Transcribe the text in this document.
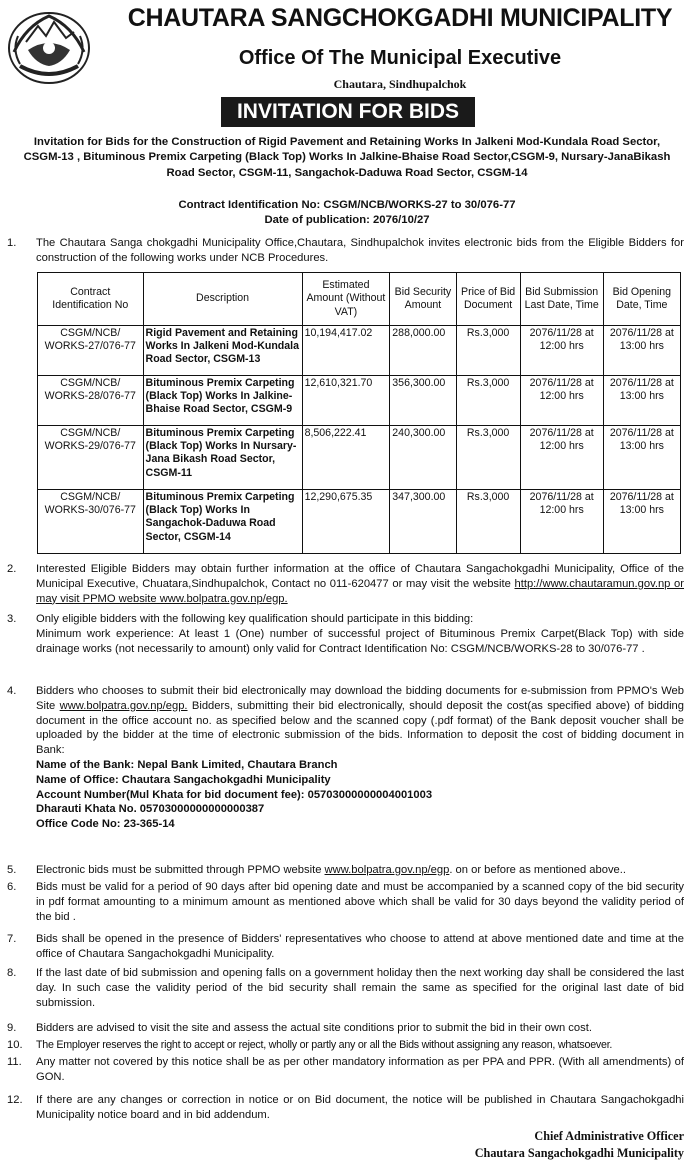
CHAUTARA SANGCHOKGADHI MUNICIPALITY
Office Of The Municipal Executive
Chautara, Sindhupalchok
INVITATION FOR BIDS
Invitation for Bids for the Construction of Rigid Pavement and Retaining Works In Jalkeni Mod-Kundala Road Sector, CSGM-13 , Bituminous Premix Carpeting (Black Top) Works In Jalkine-Bhaise Road Sector,CSGM-9, Nursary-JanaBikash Road Sector, CSGM-11, Sangachok-Daduwa Road Sector, CSGM-14
Contract Identification No: CSGM/NCB/WORKS-27 to 30/076-77
Date of publication: 2076/10/27
1. The Chautara Sanga chokgadhi Municipality Office,Chautara, Sindhupalchok invites electronic bids from the Eligible Bidders for construction of the following works under NCB Procedures.
Contract Identification No	Description	Estimated Amount (Without VAT)	Bid Security Amount	Price of Bid Document	Bid Submission Last Date, Time	Bid Opening Date, Time
CSGM/NCB/ WORKS-27/076-77	Rigid Pavement and Retaining Works In Jalkeni Mod-Kundala Road Sector, CSGM-13	10,194,417.02	288,000.00	Rs.3,000	2076/11/28 at 12:00 hrs	2076/11/28 at 13:00 hrs
CSGM/NCB/ WORKS-28/076-77	Bituminous Premix Carpeting (Black Top) Works In Jalkine-Bhaise Road Sector, CSGM-9	12,610,321.70	356,300.00	Rs.3,000	2076/11/28 at 12:00 hrs	2076/11/28 at 13:00 hrs
CSGM/NCB/ WORKS-29/076-77	Bituminous Premix Carpeting (Black Top) Works In Nursary-Jana Bikash Road Sector, CSGM-11	8,506,222.41	240,300.00	Rs.3,000	2076/11/28 at 12:00 hrs	2076/11/28 at 13:00 hrs
CSGM/NCB/ WORKS-30/076-77	Bituminous Premix Carpeting (Black Top) Works In Sangachok-Daduwa Road Sector, CSGM-14	12,290,675.35	347,300.00	Rs.3,000	2076/11/28 at 12:00 hrs	2076/11/28 at 13:00 hrs
2. Interested Eligible Bidders may obtain further information at the office of Chautara Sangachokgadhi Municipality, Office of the Municipal Executive, Chuatara,Sindhupalchok, Contact no 011-620477 or may visit the website http://www.chautaramun.gov.np or may visit PPMO website www.bolpatra.gov.np/egp.
3. Only eligible bidders with the following key qualification should participate in this bidding:
Minimum work experience: At least 1 (One) number of successful project of Bituminous Premix Carpet(Black Top) with side drainage works (not necessarily to amount) only valid for Contract Identification No: CSGM/NCB/WORKS-28 to 30/076-77 .
4. Bidders who chooses to submit their bid electronically may download the bidding documents for e-submission from PPMO's Web Site www.bolpatra.gov.np/egp. Bidders, submitting their bid electronically, should deposit the cost(as specified above) of bidding document in the office account no. as specified below and the scanned copy (.pdf format) of the Bank deposit voucher shall be uploaded by the bidder at the time of electronic submission of the bids. Information to deposit the cost of bidding document in Bank:
Name of the Bank: Nepal Bank Limited, Chautara Branch
Name of Office: Chautara Sangachokgadhi Municipality
Account Number(Mul Khata for bid document fee): 05703000000004001003
Dharauti Khata No. 05703000000000000387
Office Code No: 23-365-14
5. Electronic bids must be submitted through PPMO website www.bolpatra.gov.np/egp. on or before as mentioned above..
6. Bids must be valid for a period of 90 days after bid opening date and must be accompanied by a scanned copy of the bid security in pdf format amounting to a minimum amount as mentioned above which shall be valid for 30 days beyond the validity period of the bid .
7. Bids shall be opened in the presence of Bidders' representatives who choose to attend at above mentioned date and time at the office of Chautara Sangachokgadhi Municipality.
8. If the last date of bid submission and opening falls on a government holiday then the next working day shall be considered the last day. In such case the validity period of the bid security shall remain the same as specified for the original last date of bid submission.
9. Bidders are advised to visit the site and assess the actual site conditions prior to submit the bid in their own cost.
10. The Employer reserves the right to accept or reject, wholly or partly any or all the Bids without assigning any reason, whatsoever.
11. Any matter not covered by this notice shall be as per other mandatory information as per PPA and PPR. (With all amendments) of GON.
12. If there are any changes or correction in notice or on Bid document, the notice will be published in Chautara Sangachokgadhi Municipality notice board and in bid addendum.
Chief Administrative Officer
Chautara Sangachokgadhi Municipality
